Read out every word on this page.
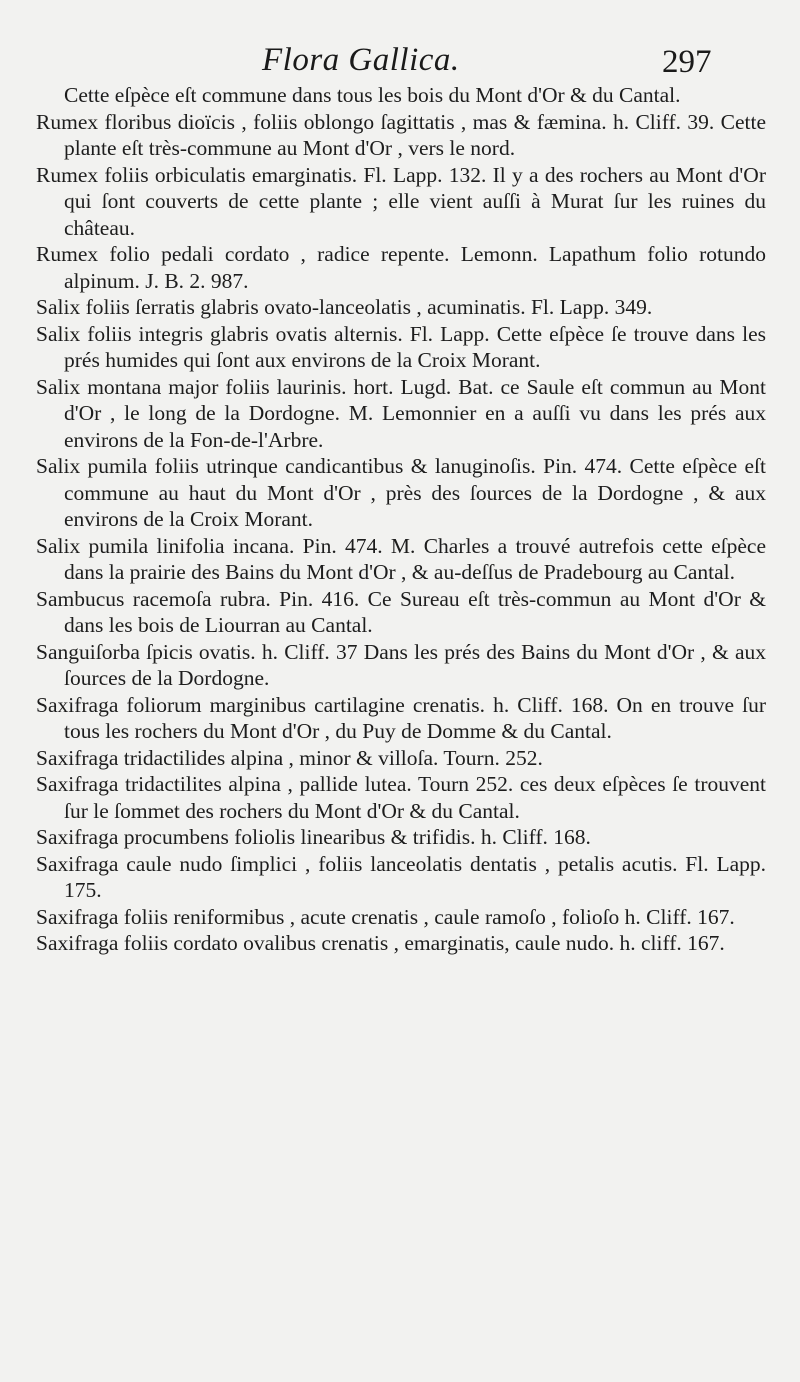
Flora Gallica.	297

Cette eſpèce eſt commune dans tous les bois du Mont d'Or & du Cantal.

Rumex floribus dioïcis , foliis oblongo ſagittatis , mas & fæmina. h. Cliff. 39. Cette plante eſt très-commune au Mont d'Or , vers le nord.

Rumex foliis orbiculatis emarginatis. Fl. Lapp. 132. Il y a des rochers au Mont d'Or qui ſont couverts de cette plante ; elle vient auſſi à Murat ſur les ruines du château.

Rumex folio pedali cordato , radice repente. Lemonn. Lapathum folio rotundo alpinum. J. B. 2. 987.

Salix foliis ſerratis glabris ovato-lanceolatis , acuminatis. Fl. Lapp. 349.

Salix foliis integris glabris ovatis alternis. Fl. Lapp. Cette eſpèce ſe trouve dans les prés humides qui ſont aux environs de la Croix Morant.

Salix montana major foliis laurinis. hort. Lugd. Bat. ce Saule eſt commun au Mont d'Or , le long de la Dordogne. M. Lemonnier en a auſſi vu dans les prés aux environs de la Fon-de-l'Arbre.

Salix pumila foliis utrinque candicantibus & lanuginoſis. Pin. 474. Cette eſpèce eſt commune au haut du Mont d'Or , près des ſources de la Dordogne , & aux environs de la Croix Morant.

Salix pumila linifolia incana. Pin. 474. M. Charles a trouvé autrefois cette eſpèce dans la prairie des Bains du Mont d'Or , & au-deſſus de Pradebourg au Cantal.

Sambucus racemoſa rubra. Pin. 416. Ce Sureau eſt très-commun au Mont d'Or & dans les bois de Liourran au Cantal.

Sanguiſorba ſpicis ovatis. h. Cliff. 37 Dans les prés des Bains du Mont d'Or , & aux ſources de la Dordogne.

Saxifraga foliorum marginibus cartilagine crenatis. h. Cliff. 168. On en trouve ſur tous les rochers du Mont d'Or , du Puy de Domme & du Cantal.

Saxifraga tridactilides alpina , minor & villoſa. Tourn. 252.

Saxifraga tridactilites alpina , pallide lutea. Tourn 252. ces deux eſpèces ſe trouvent ſur le ſommet des rochers du Mont d'Or & du Cantal.

Saxifraga procumbens foliolis linearibus & trifidis. h. Cliff. 168.

Saxifraga caule nudo ſimplici , foliis lanceolatis dentatis , petalis acutis. Fl. Lapp. 175.

Saxifraga foliis reniformibus , acute crenatis , caule ramoſo , folioſo h. Cliff. 167.

Saxifraga foliis cordato ovalibus crenatis , emarginatis, caule nudo. h. cliff. 167.
